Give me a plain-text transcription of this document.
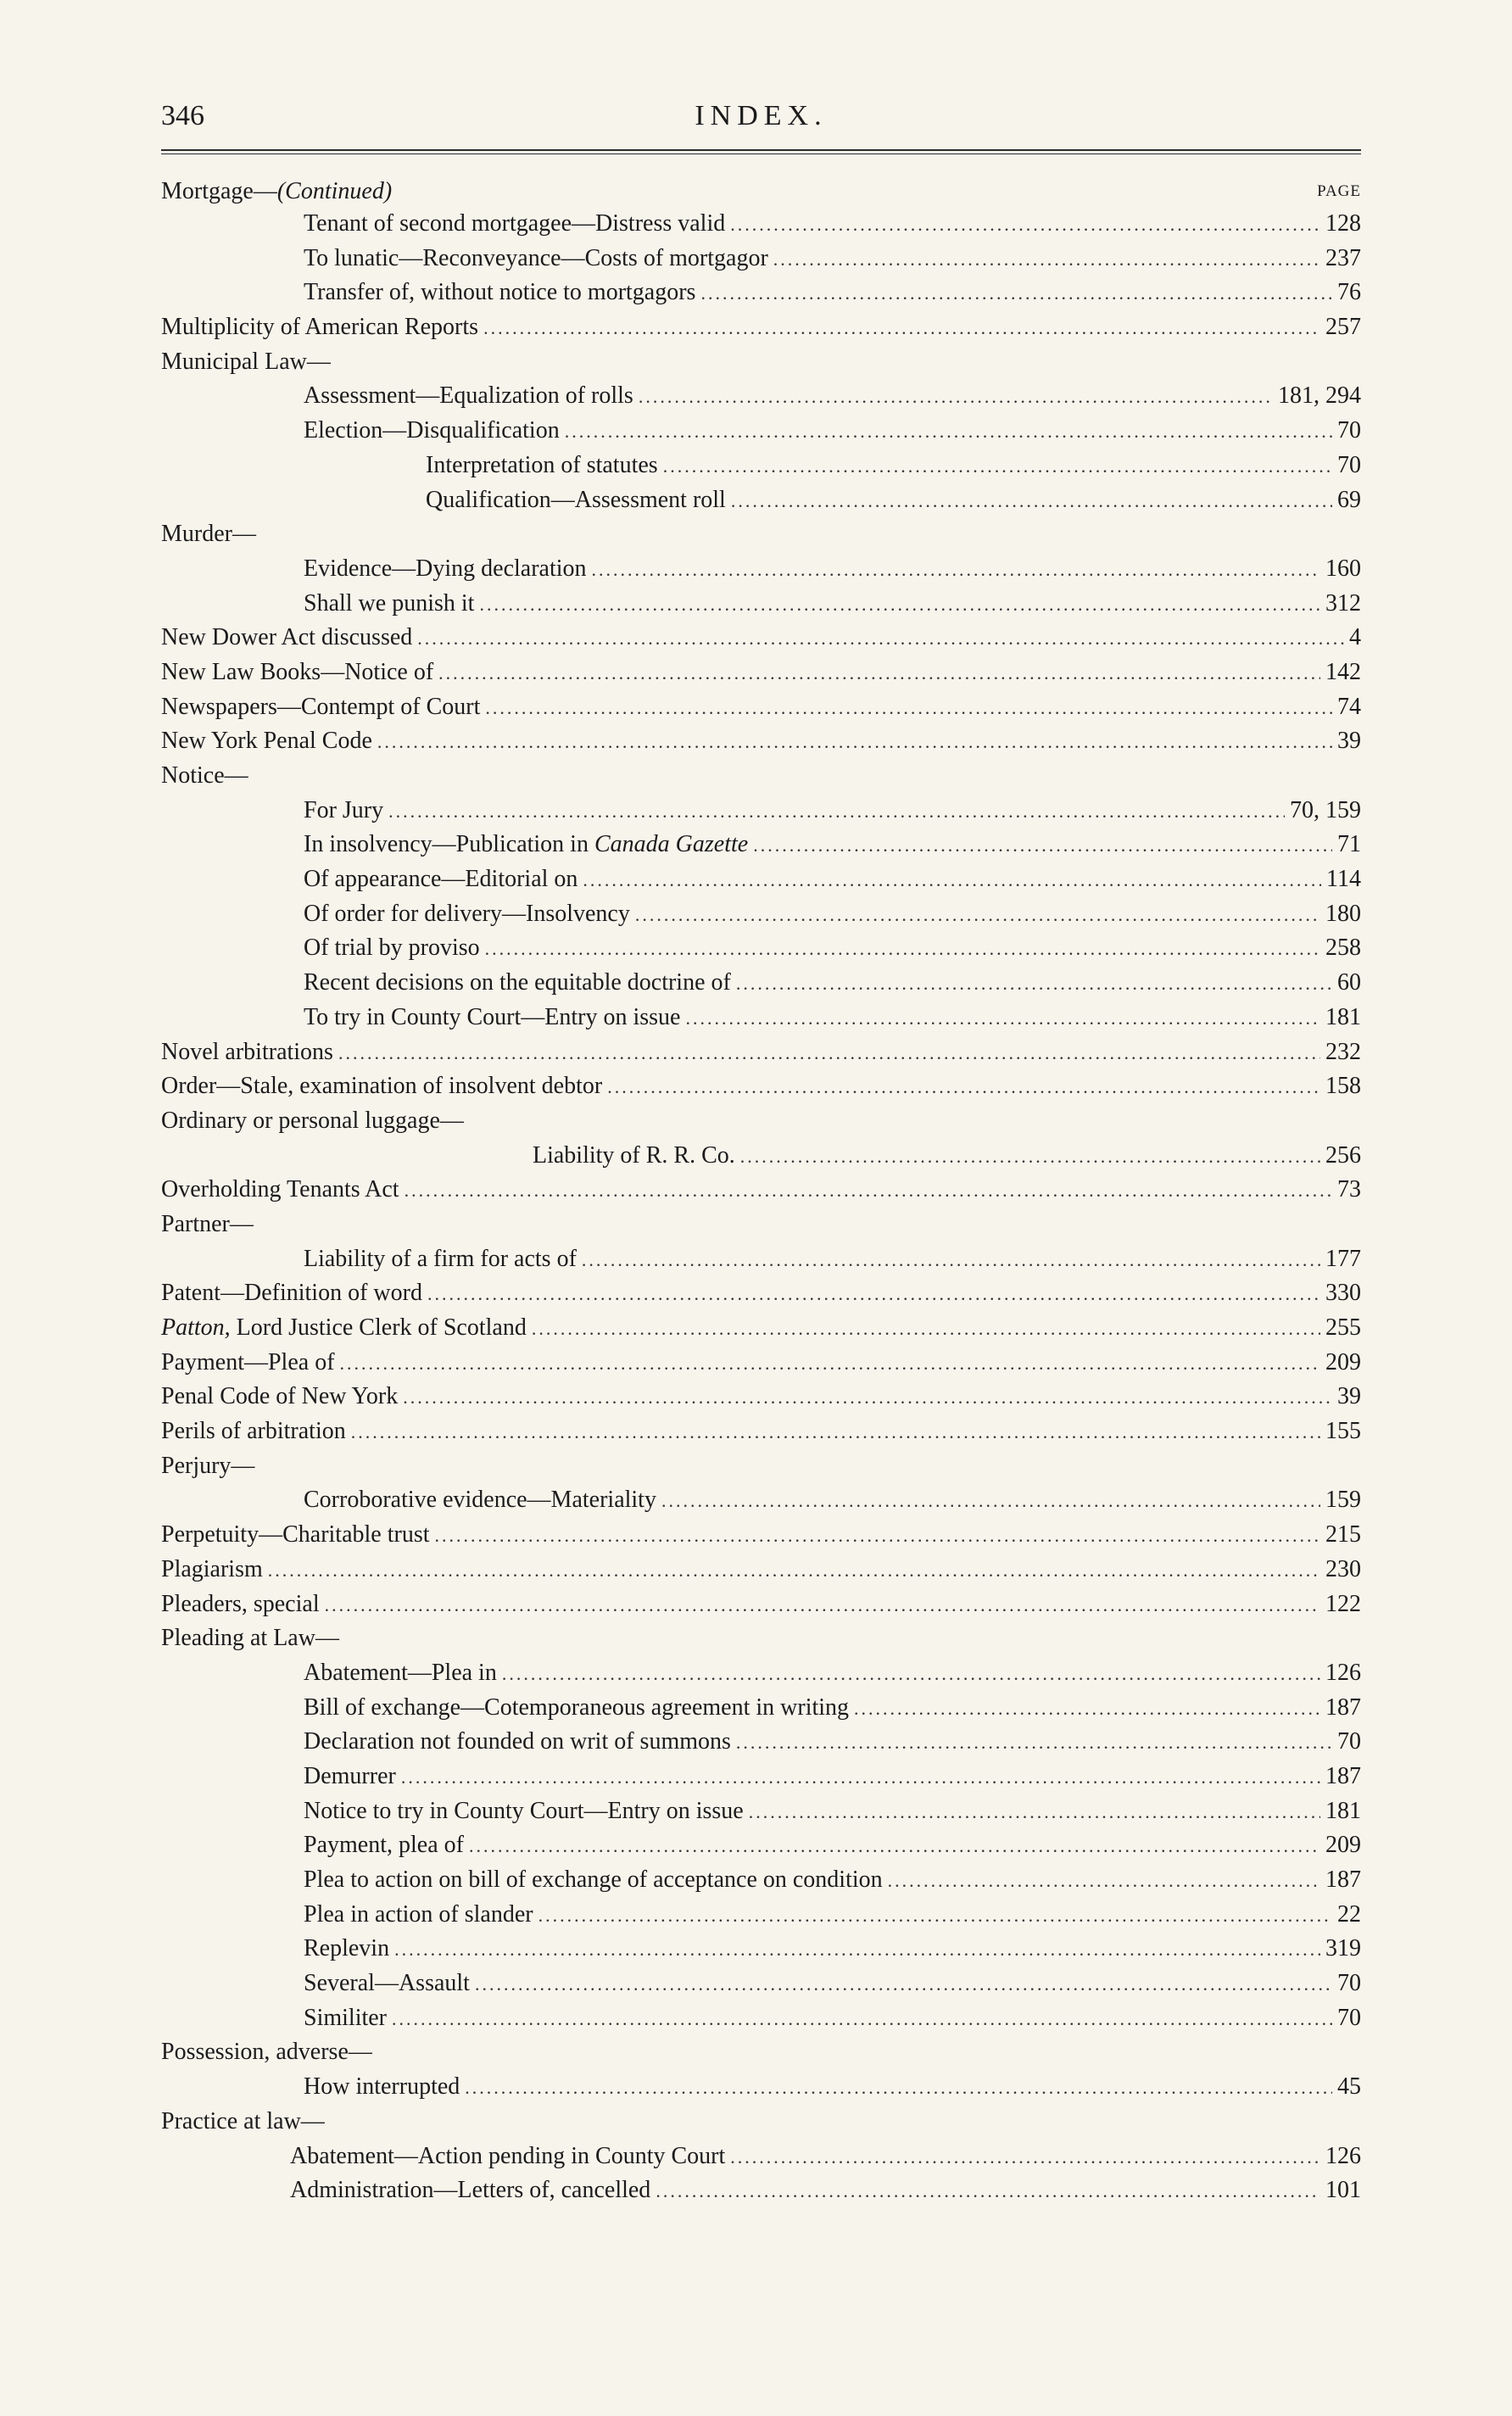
346	INDEX.
Mortgage—(Continued)	PAGE
Tenant of second mortgagee—Distress valid .....	128
To lunatic—Reconveyance—Costs of mortgagor .....	237
Transfer of, without notice to mortgagors .....	76
Multiplicity of American Reports .....	257
Municipal Law—
Assessment—Equalization of rolls .....	181, 294
Election—Disqualification .....	70
Interpretation of statutes .....	70
Qualification—Assessment roll .....	69
Murder—
Evidence—Dying declaration .....	160
Shall we punish it .....	312
New Dower Act discussed .....	4
New Law Books—Notice of .....	142
Newspapers—Contempt of Court .....	74
New York Penal Code .....	39
Notice—
For Jury .....	70, 159
In insolvency—Publication in Canada Gazette .....	71
Of appearance—Editorial on .....	114
Of order for delivery—Insolvency .....	180
Of trial by proviso .....	258
Recent decisions on the equitable doctrine of .....	60
To try in County Court—Entry on issue .....	181
Novel arbitrations .....	232
Order—Stale, examination of insolvent debtor .....	158
Ordinary or personal luggage—
Liability of R. R. Co. .....	256
Overholding Tenants Act .....	73
Partner—
Liability of a firm for acts of .....	177
Patent—Definition of word .....	330
Patton, Lord Justice Clerk of Scotland .....	255
Payment—Plea of .....	209
Penal Code of New York .....	39
Perils of arbitration .....	155
Perjury—
Corroborative evidence—Materiality .....	159
Perpetuity—Charitable trust .....	215
Plagiarism .....	230
Pleaders, special .....	122
Pleading at Law—
Abatement—Plea in .....	126
Bill of exchange—Cotemporaneous agreement in writing .....	187
Declaration not founded on writ of summons .....	70
Demurrer .....	187
Notice to try in County Court—Entry on issue .....	181
Payment, plea of .....	209
Plea to action on bill of exchange of acceptance on condition .....	187
Plea in action of slander .....	22
Replevin .....	319
Several—Assault .....	70
Similiter .....	70
Possession, adverse—
How interrupted .....	45
Practice at law—
Abatement—Action pending in County Court .....	126
Administration—Letters of, cancelled .....	101
